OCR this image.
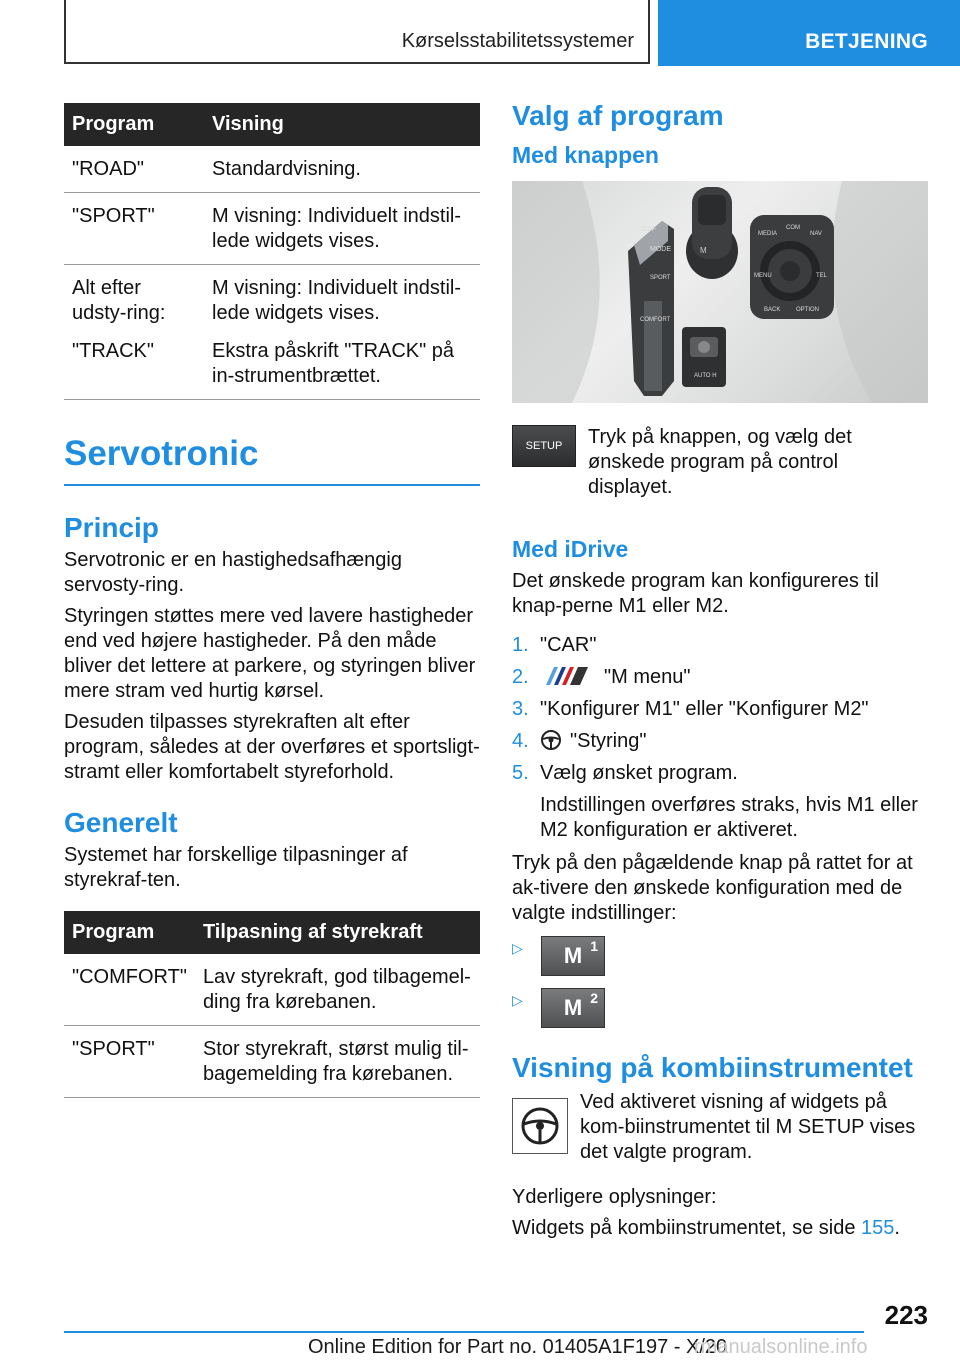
Kørselsstabilitetssystemer	BETJENING
Program	Visning
"ROAD"	Standardvisning.
"SPORT"	M visning: Individuelt indstil-lede widgets vises.
Alt efter udsty-ring:	M visning: Individuelt indstil-lede widgets vises.
"TRACK"	Ekstra påskrift "TRACK" på in-strumentbrættet.
Servotronic
Princip

Servotronic er en hastighedsafhængig servosty-ring.

Styringen støttes mere ved lavere hastigheder end ved højere hastigheder. På den måde bliver det lettere at parkere, og styringen bliver mere stram ved hurtig kørsel.

Desuden tilpasses styrekraften alt efter program, således at der overføres et sportsligt-stramt eller komfortabelt styreforhold.

Generelt

Systemet har forskellige tilpasninger af styrekraf-ten.

Program	Tilpasning af styrekraft
"COMFORT"	Lav styrekraft, god tilbagemel-ding fra kørebanen.
"SPORT"	Stor styrekraft, størst mulig til-bagemelding fra kørebanen.
Valg af program
Med knappen
MODE
OFF
SPORT
COMFORT
M
AUTO H
MEDIA
COM
NAV
MENU
BACK	OPTION
TEL
SETUP Tryk på knappen, og vælg det ønskede program på control displayet.

Med iDrive

Det ønskede program kan konfigureres til knap-perne M1 eller M2.

1. "CAR"
2.	"M menu"
3. "Konfigurer M1" eller "Konfigurer M2"
4.	"Styring"
5. Vælg ønsket program.

Indstillingen overføres straks, hvis M1 eller M2 konfiguration er aktiveret.

Tryk på den pågældende knap på rattet for at ak-tivere den ønskede konfiguration med de valgte indstillinger:

▷	M $^1$
▷	M $^2$
Visning på kombiinstrumentet

Ved aktiveret visning af widgets på kom-biinstrumentet til M SETUP vises det valgte program.

Yderligere oplysninger:

Widgets på kombiinstrumentet, se side 155.

223
Online Edition for Part no. 01405A1F197 - X/20
rmanualsonline.info
